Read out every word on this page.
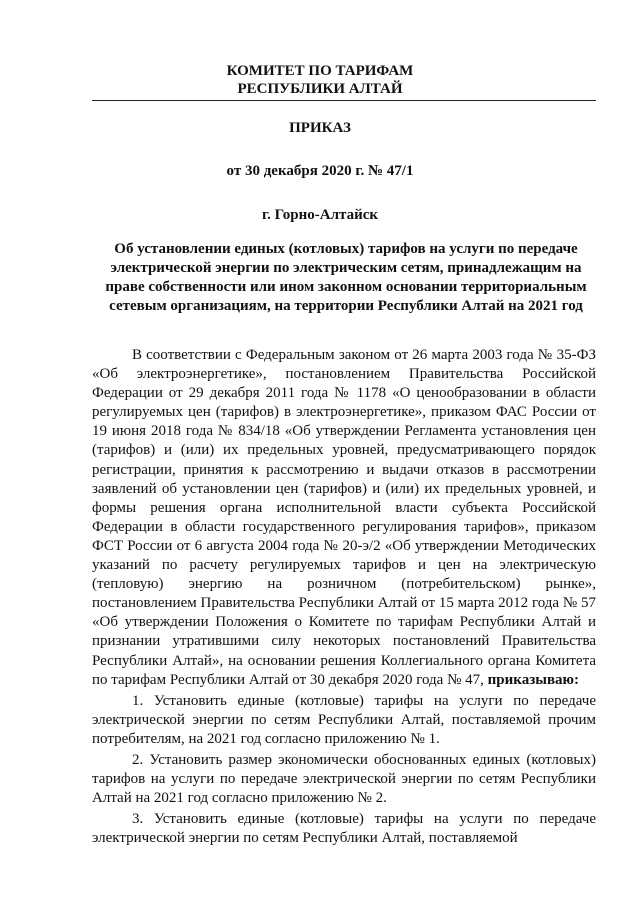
КОМИТЕТ ПО ТАРИФАМ
РЕСПУБЛИКИ АЛТАЙ
ПРИКАЗ
от 30 декабря 2020 г. № 47/1
г. Горно-Алтайск
Об установлении единых (котловых) тарифов на услуги по передаче электрической энергии по электрическим сетям, принадлежащим на праве собственности или ином законном основании территориальным сетевым организациям, на территории Республики Алтай на 2021 год

В соответствии с Федеральным законом от 26 марта 2003 года № 35-ФЗ «Об электроэнергетике», постановлением Правительства Российской Федерации от 29 декабря 2011 года № 1178 «О ценообразовании в области регулируемых цен (тарифов) в электроэнергетике», приказом ФАС России от 19 июня 2018 года № 834/18 «Об утверждении Регламента установления цен (тарифов) и (или) их предельных уровней, предусматривающего порядок регистрации, принятия к рассмотрению и выдачи отказов в рассмотрении заявлений об установлении цен (тарифов) и (или) их предельных уровней, и формы решения органа исполнительной власти субъекта Российской Федерации в области государственного регулирования тарифов», приказом ФСТ России от 6 августа 2004 года № 20-э/2 «Об утверждении Методических указаний по расчету регулируемых тарифов и цен на электрическую (тепловую) энергию на розничном (потребительском) рынке», постановлением Правительства Республики Алтай от 15 марта 2012 года № 57 «Об утверждении Положения о Комитете по тарифам Республики Алтай и признании утратившими силу некоторых постановлений Правительства Республики Алтай», на основании решения Коллегиального органа Комитета по тарифам Республики Алтай от 30 декабря 2020 года № 47, приказываю:

1. Установить единые (котловые) тарифы на услуги по передаче электрической энергии по сетям Республики Алтай, поставляемой прочим потребителям, на 2021 год согласно приложению № 1.

2. Установить размер экономически обоснованных единых (котловых) тарифов на услуги по передаче электрической энергии по сетям Республики Алтай на 2021 год согласно приложению № 2.

3. Установить единые (котловые) тарифы на услуги по передаче электрической энергии по сетям Республики Алтай, поставляемой
